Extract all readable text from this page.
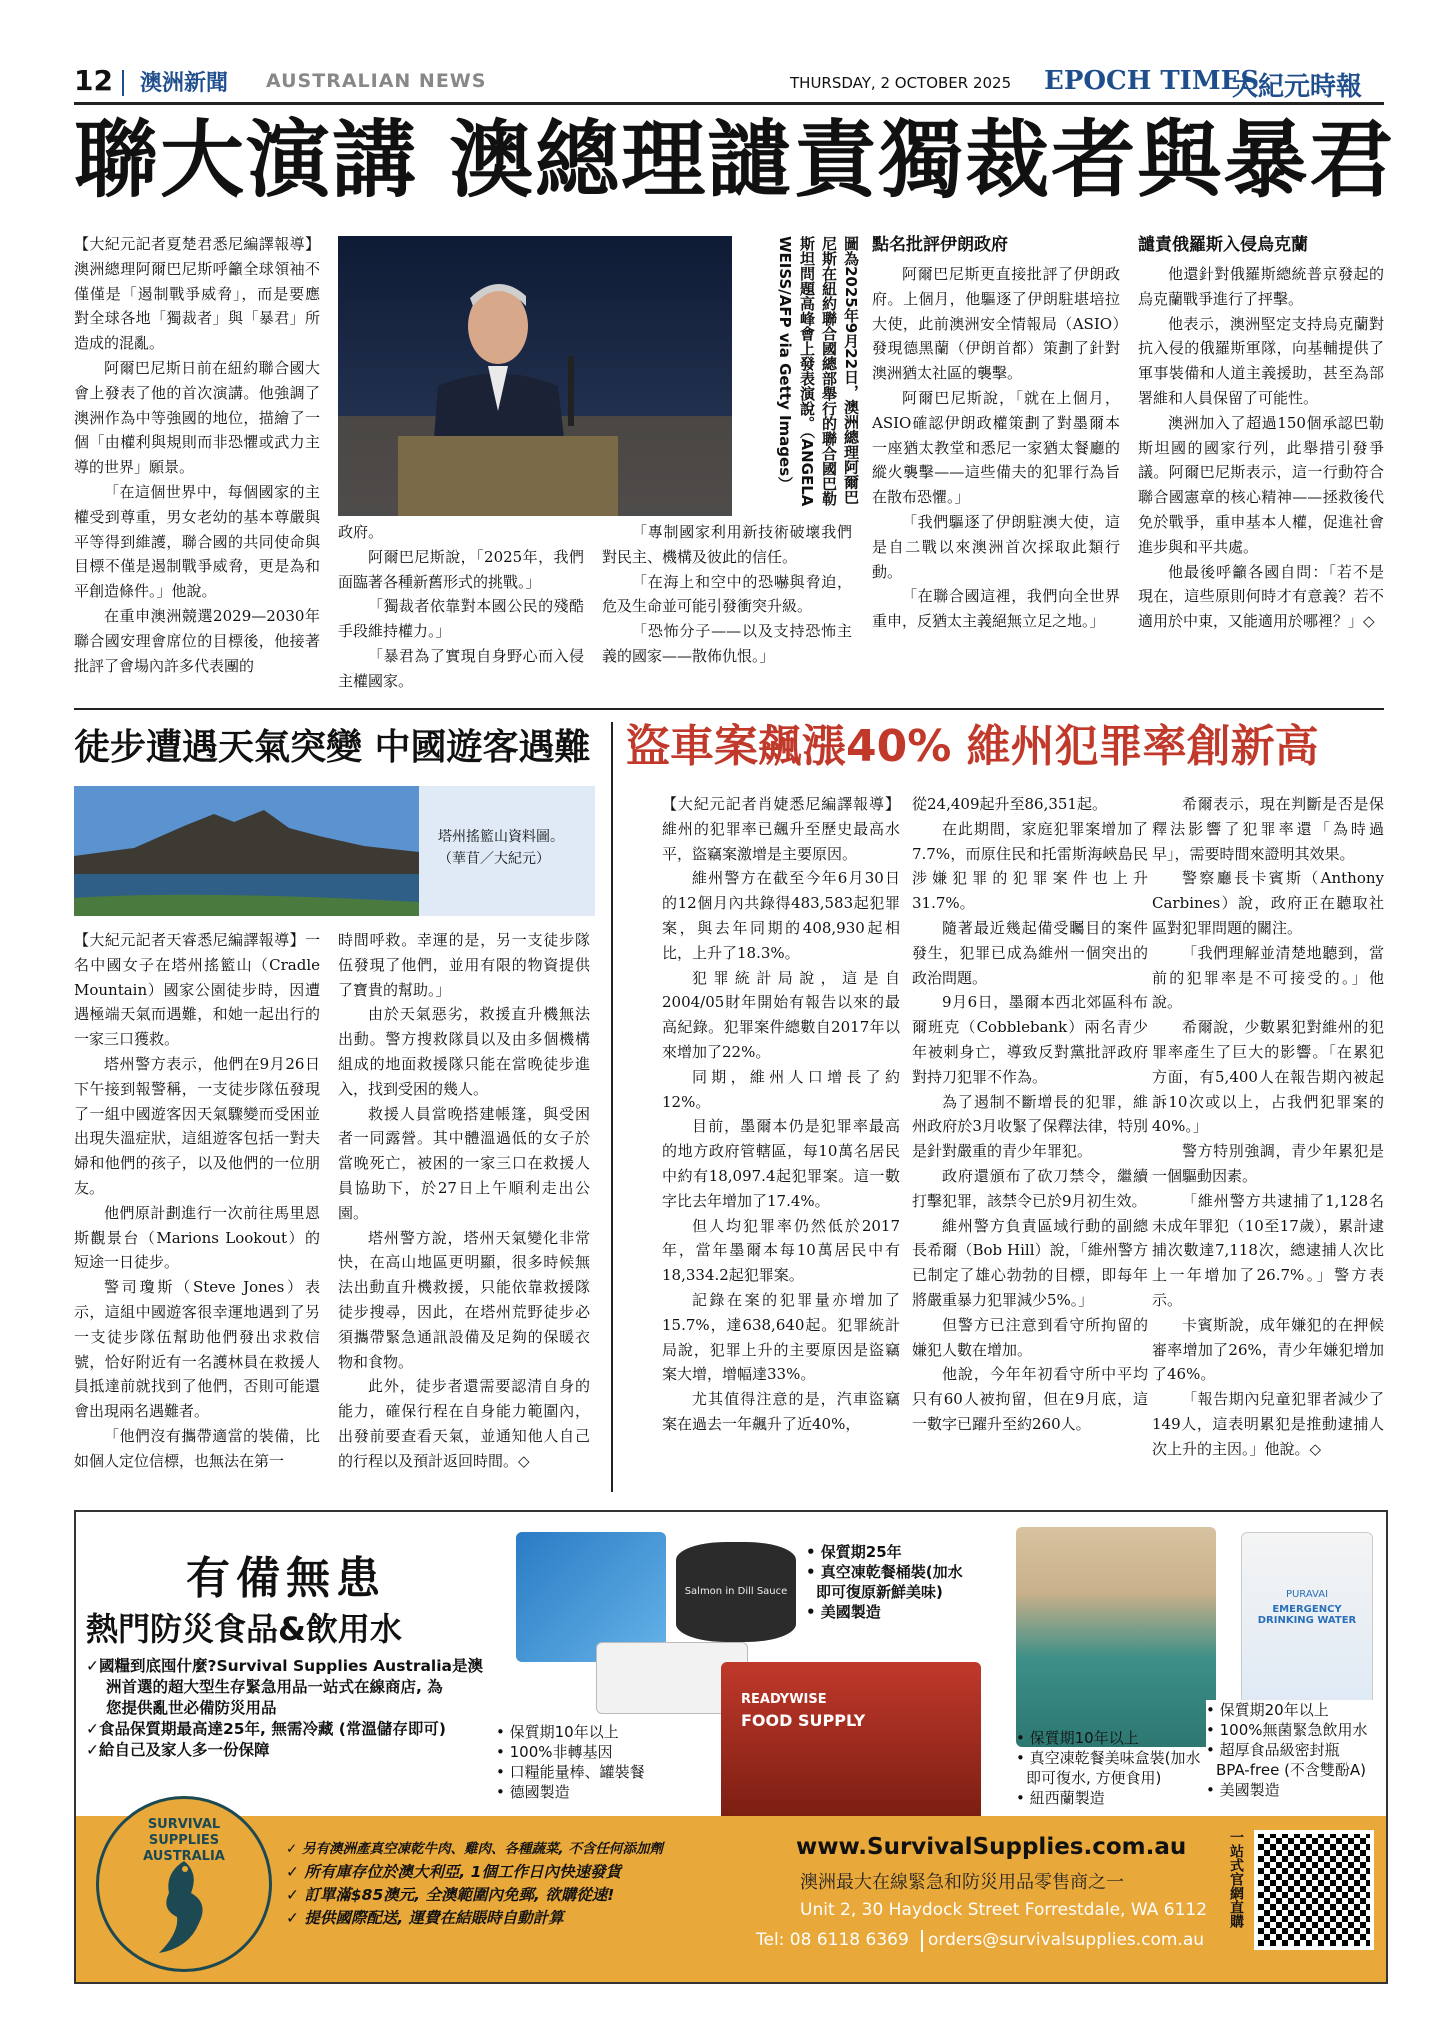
12 澳洲新聞 AUSTRALIAN NEWS	THURSDAY, 2 OCTOBER 2025 EPOCH TIMES
大紀元時報
聯大演講 澳總理譴責獨裁者與暴君

【大紀元記者夏楚君悉尼編譯報導】澳洲總理阿爾巴尼斯呼籲全球領袖不僅僅是「遏制戰爭威脅」，而是要應對全球各地「獨裁者」與「暴君」所造成的混亂。

阿爾巴尼斯日前在紐約聯合國大會上發表了他的首次演講。他強調了澳洲作為中等強國的地位，描繪了一個「由權利與規則而非恐懼或武力主導的世界」願景。

「在這個世界中，每個國家的主權受到尊重，男女老幼的基本尊嚴與平等得到維護，聯合國的共同使命與目標不僅是遏制戰爭威脅，更是為和平創造條件。」他說。

在重申澳洲競選2029—2030年聯合國安理會席位的目標後，他接著批評了會場內許多代表團的

圖為2025年9月22日，澳洲總理阿爾巴尼斯在紐約聯合國總部舉行的聯合國巴勒斯坦問題高峰會上發表演說。（ANGELA WEISS/AFP via Getty Images）

政府。

阿爾巴尼斯說，「2025年，我們面臨著各種新舊形式的挑戰。」

「獨裁者依靠對本國公民的殘酷手段維持權力。」

「暴君為了實現自身野心而入侵主權國家。

「專制國家利用新技術破壞我們對民主、機構及彼此的信任。

「在海上和空中的恐嚇與脅迫，危及生命並可能引發衝突升級。

「恐怖分子——以及支持恐怖主義的國家——散佈仇恨。」

點名批評伊朗政府

阿爾巴尼斯更直接批評了伊朗政府。上個月，他驅逐了伊朗駐堪培拉大使，此前澳洲安全情報局（ASIO）發現德黑蘭（伊朗首都）策劃了針對澳洲猶太社區的襲擊。

阿爾巴尼斯說，「就在上個月，ASIO確認伊朗政權策劃了對墨爾本一座猶太教堂和悉尼一家猶太餐廳的縱火襲擊——這些備夫的犯罪行為旨在散布恐懼。」

「我們驅逐了伊朗駐澳大使，這是自二戰以來澳洲首次採取此類行動。

「在聯合國這裡，我們向全世界重申，反猶太主義絕無立足之地。」

譴責俄羅斯入侵烏克蘭

他還針對俄羅斯總統普京發起的烏克蘭戰爭進行了抨擊。

他表示，澳洲堅定支持烏克蘭對抗入侵的俄羅斯軍隊，向基輔提供了軍事裝備和人道主義援助，甚至為部署維和人員保留了可能性。

澳洲加入了超過150個承認巴勒斯坦國的國家行列，此舉措引發爭議。阿爾巴尼斯表示，這一行動符合聯合國憲章的核心精神——拯救後代免於戰爭，重申基本人權，促進社會進步與和平共處。

他最後呼籲各國自問：「若不是現在，這些原則何時才有意義？若不適用於中東，又能適用於哪裡？」◇

徒步遭遇天氣突變 中國遊客遇難
塔州搖籃山資料圖。（華苜／大紀元）

【大紀元記者天睿悉尼編譯報導】一名中國女子在塔州搖籃山（Cradle Mountain）國家公園徒步時，因遭遇極端天氣而遇難，和她一起出行的一家三口獲救。

塔州警方表示，他們在9月26日下午接到報警稱，一支徒步隊伍發現了一組中國遊客因天氣驟變而受困並出現失溫症狀，這組遊客包括一對夫婦和他們的孩子，以及他們的一位朋友。

他們原計劃進行一次前往馬里恩斯觀景台（Marions Lookout）的短途一日徒步。

警司瓊斯（Steve Jones）表示，這組中國遊客很幸運地遇到了另一支徒步隊伍幫助他們發出求救信號，恰好附近有一名護林員在救援人員抵達前就找到了他們，否則可能還會出現兩名遇難者。

「他們沒有攜帶適當的裝備，比如個人定位信標，也無法在第一

時間呼救。幸運的是，另一支徒步隊伍發現了他們，並用有限的物資提供了寶貴的幫助。」

由於天氣惡劣，救援直升機無法出動。警方搜救隊員以及由多個機構組成的地面救援隊只能在當晚徒步進入，找到受困的幾人。

救援人員當晚搭建帳篷，與受困者一同露營。其中體溫過低的女子於當晚死亡，被困的一家三口在救援人員協助下，於27日上午順利走出公園。

塔州警方說，塔州天氣變化非常快，在高山地區更明顯，很多時候無法出動直升機救援，只能依靠救援隊徒步搜尋，因此，在塔州荒野徒步必須攜帶緊急通訊設備及足夠的保暖衣物和食物。

此外，徒步者還需要認清自身的能力，確保行程在自身能力範圍內，出發前要查看天氣，並通知他人自己的行程以及預計返回時間。◇

盜車案飆漲40% 維州犯罪率創新高

【大紀元記者肖婕悉尼編譯報導】維州的犯罪率已飆升至歷史最高水平，盜竊案激增是主要原因。

維州警方在截至今年6月30日的12個月內共錄得483,583起犯罪案，與去年同期的408,930起相比，上升了18.3%。

犯罪統計局說，這是自2004/05財年開始有報告以來的最高紀錄。犯罪案件總數自2017年以來增加了22%。

同期，維州人口增長了約12%。

目前，墨爾本仍是犯罪率最高的地方政府管轄區，每10萬名居民中約有18,097.4起犯罪案。這一數字比去年增加了17.4%。

但人均犯罪率仍然低於2017年，當年墨爾本每10萬居民中有18,334.2起犯罪案。

記錄在案的犯罪量亦增加了15.7%，達638,640起。犯罪統計局說，犯罪上升的主要原因是盜竊案大增，增幅達33%。

尤其值得注意的是，汽車盜竊案在過去一年飆升了近40%，

從24,409起升至86,351起。

在此期間，家庭犯罪案增加了7.7%，而原住民和托雷斯海峽島民涉嫌犯罪的犯罪案件也上升31.7%。

隨著最近幾起備受矚目的案件發生，犯罪已成為維州一個突出的政治問題。

9月6日，墨爾本西北郊區科布爾班克（Cobblebank）兩名青少年被刺身亡，導致反對黨批評政府對持刀犯罪不作為。

為了遏制不斷增長的犯罪，維州政府於3月收緊了保釋法律，特別是針對嚴重的青少年罪犯。

政府還頒布了砍刀禁令，繼續打擊犯罪，該禁令已於9月初生效。

維州警方負責區域行動的副總長希爾（Bob Hill）說，「維州警方已制定了雄心勃勃的目標，即每年將嚴重暴力犯罪減少5%。」

但警方已注意到看守所拘留的嫌犯人數在增加。

他說，今年年初看守所中平均只有60人被拘留，但在9月底，這一數字已躍升至約260人。

希爾表示，現在判斷是否是保釋法影響了犯罪率還「為時過早」，需要時間來證明其效果。

警察廳長卡賓斯（Anthony Carbines）說，政府正在聽取社區對犯罪問題的關注。

「我們理解並清楚地聽到，當前的犯罪率是不可接受的。」他說。

希爾說，少數累犯對維州的犯罪率產生了巨大的影響。「在累犯方面，有5,400人在報告期內被起訴10次或以上，占我們犯罪案的40%。」

警方特別強調，青少年累犯是一個驅動因素。

「維州警方共逮捕了1,128名未成年罪犯（10至17歲），累計逮捕次數達7,118次，總逮捕人次比上一年增加了26.7%。」警方表示。

卡賓斯說，成年嫌犯的在押候審率增加了26%，青少年嫌犯增加了46%。

「報告期內兒童犯罪者減少了149人，這表明累犯是推動逮捕人次上升的主因。」他說。◇

有備無患
熱門防災食品&飲用水
✓國糧到底囤什麼?Survival Supplies Australia是澳
洲首選的超大型生存緊急用品一站式在線商店, 為
您提供亂世必備防災用品
✓食品保質期最高達25年, 無需冷藏 (常溫儲存即可)
✓給自己及家人多一份保障
Salmon in Dill Sauce
READYWISE
FOOD SUPPLY
PURAVAI
EMERGENCY DRINKING WATER
• 保質期10年以上
• 100%非轉基因
• 口糧能量棒、罐裝餐
• 德國製造
• 保質期25年
• 真空凍乾餐桶裝(加水
即可復原新鮮美味)
• 美國製造
• 保質期10年以上
• 真空凍乾餐美味盒裝(加水
即可復水, 方便食用)
• 紐西蘭製造
• 保質期20年以上
• 100%無菌緊急飲用水
• 超厚食品級密封瓶
BPA-free (不含雙酚A)
• 美國製造
SURVIVAL SUPPLIES AUSTRALIA	✓ 另有澳洲產真空凍乾牛肉、雞肉、各種蔬菜, 不含任何添加劑
✓ 所有庫存位於澳大利亞, 1個工作日內快速發貨
✓ 訂單滿$85澳元, 全澳範圍內免郵, 欲購從速!
✓ 提供國際配送, 運費在結賬時自動計算
www.SurvivalSupplies.com.au
澳洲最大在線緊急和防災用品零售商之一
Unit 2, 30 Haydock Street Forrestdale, WA 6112
Tel: 08 6118 6369 orders@survivalsupplies.com.au
一站式官網直購
